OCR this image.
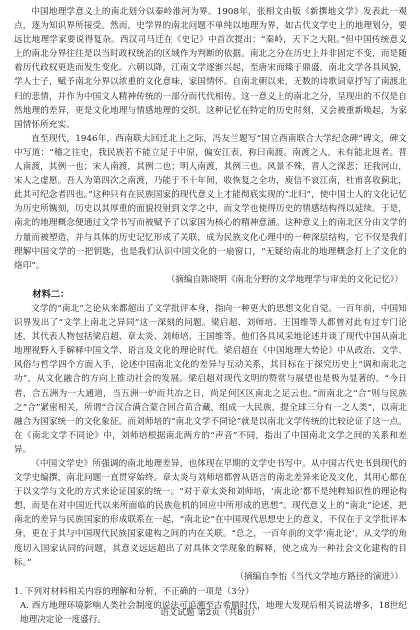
中国地理学意义上的南北划分以秦岭淮河为界。1908年，张相文由版《新撰地文学》发表此一观点，逐为知识界所接受。然而，史学界的南北问题不单纯以地理为界，如古代文学史上的地理划分，要远比地理学家要说得复杂。西汉司马迁在《史记》中首次提出：“秦岭，天下之大阻。”但中国传统意义上的南北分界往往是以当时政权统治的区域作为判断的依据。南北之分在历史上并非固定不变，而是随着历代政权更迭而发生变化。六朝以降，江南文学逐渐兴起，至唐宋而臻于鼎盛，南北文学各具风貌，学人士子，赋予南北分界以浓重的文化意味，家国情怀。自南北朝以来，无数的诗歌词章抒写了南渡北归的悲情，并作为中国文人精神传统的一部分而代代相传。这一意义上的南北之分，呈现出的不仅是自然地理的差异，更是文化地理与情感地理的交织。这种记忆在特定的历史时刻，又会被重新唤起，为家国情怀所充实。

直至现代，1946年，西南联大回迁北上之际，冯友兰题写“国立西南联合大学纪念碑”碑文，碑文中写道：“稽之往史，我民族若不能立足于中原，偏安江表，称曰南渡。南渡之人，未有能北返者。晋人南渡，其例一也；宋人南渡，其例二也；明人南渡，其例三也。风景不殊，晋人之深悲；还我河山，宋人之虚愿。吾人为第四次之南渡，乃能于不十年间，收恢复之全功，庾信不哀江南，杜甫喜收蓟北，此其可纪念者四也。”这种只有在民族国家的现代意义上才能彻底实现的“北归”，使中国士人的文化记忆为历史所镌刻，历史以其厚重的面貌投射到文学之中，而文学也使得历史的情感结构得以延续。于是，南北的地理概念便通过文学书写而被赋予了以家国为核心的精神意涵。这种意义上的南北区分由文学的力量而被塑造，并与具体的历史记忆形成了关联，成为民族文化心理中的一种深层结构，它不仅是我们理解中国文学的一把钥匙，也是我们认识中国文化的一扇窗口，“无疑给南北的地理概念打上了文化的烙印”。

（摘编自陈晓明《南北分野的文学地理学与审美的文化记忆》）

材料二：

文学的“南北”之论从来都超出了文学批评本身，指向一种更大的思想文化自觉。一百年前，中国知识界发出了“文学上南北之异同”这一深刻的问题。梁启超、刘师培、王国维等人都曾对此有过专门论述，其代表人物包括梁启超、章太炎、刘师培、王国维等。他们各具风采地论述并谈了现代中国从南北地理视野入手解释中国文学、语言及文化的理论时代。梁启超在《中国地理大势论》中从政治、文学、风俗与哲学四个方面入手，论述中国南北文化的差异与互动关系，其目标在于探究历史上“调和南北之功”，从文化融合的方向上推动社会的发展。梁启超对现代文明的赞赏与展望也是极为显著的。“今日者，合五洲为一大通道，当五洲一炉而共冶之日，尚足何区区南北之足云也。”而南北之“合”则与民族之“合”紧密相关，所谓“合汉合满合蒙合回合苗合藏，组成一大民族，提全球三分有一之人类”，以南北融合为国家统一的文化象征。而刘师培的“南北文学不同论”就是以南北文学传统的比较论证了这一点。在《南北文学不同论》中，刘师培根据南北两方的“声音”不同，指出了中国南北文学之间的关系和差异。

《中国文学史》所强调的南北地理差异，也体现在早期的文学史书写中。从中国古代史书到现代的文学史编撰，南北问题一直贯穿始终。章太炎与刘师培都曾从语言的南北差异来论及文化，其用心都在于以文学与文化的方式来论证国家的统一。“对于章太炎和刘师培，‘南北论’都不是纯粹知识性的理论构想，而是在对中国近代以来所面临的民族危机的回应中所形成的思想”。现代意义上的“南北”论述，把南北的差异与民族国家的形成联系在一起，“南北论”在中国现代思想史上的意义，不仅在于文学批评本身，更在于其与中国现代民族国家建构之间的内在关联。“总之，一百年前的文学‘南北论’，从文学的角度切入国家认同的问题，其意义远远超出了对具体文学现象的解释，使之成为一种社会文化建构的目标。”

（摘编自李怡《当代文学地方路径的演进》）

1. 下列对材料相关内容的理解和分析，不正确的一项是（3分）

A. 西方地理环境影响人类社会制度的说法可追溯至古希腊时代，地理大发现后相关说法增多，18世纪地理决定论一度盛行。

语文试题 第2页（共8页）
